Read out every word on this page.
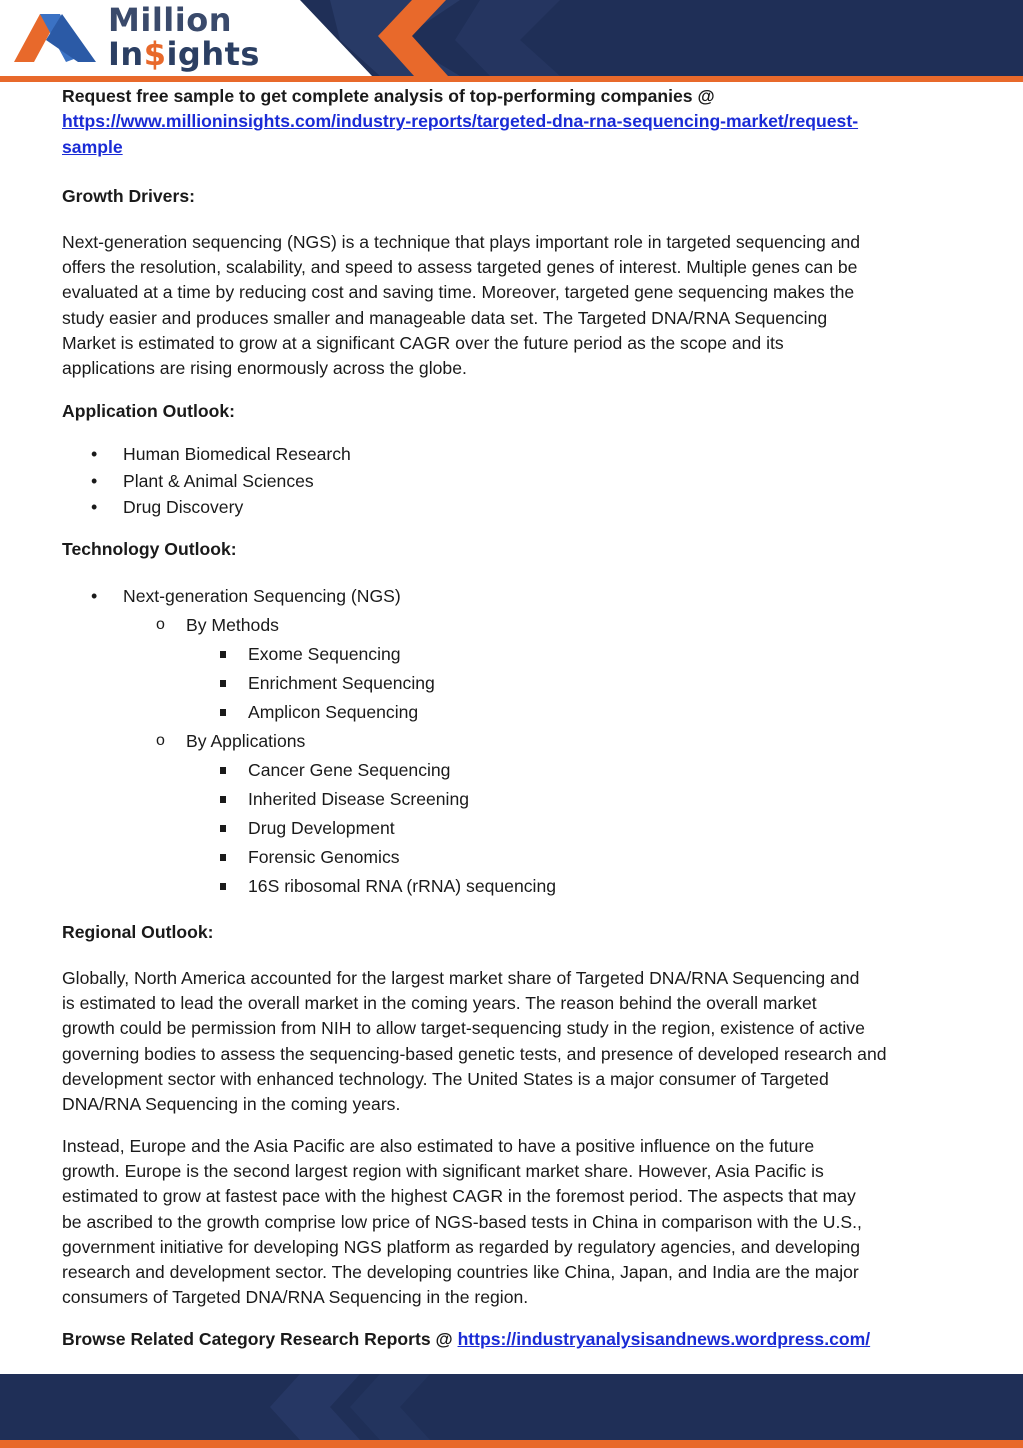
Million
In$ights

Request free sample to get complete analysis of top-performing companies @

https://www.millioninsights.com/industry-reports/targeted-dna-rna-sequencing-market/request-

sample

Growth Drivers:

Next-generation sequencing (NGS) is a technique that plays important role in targeted sequencing and

offers the resolution, scalability, and speed to assess targeted genes of interest. Multiple genes can be

evaluated at a time by reducing cost and saving time. Moreover, targeted gene sequencing makes the

study easier and produces smaller and manageable data set. The Targeted DNA/RNA Sequencing

Market is estimated to grow at a significant CAGR over the future period as the scope and its

applications are rising enormously across the globe.

Application Outlook:

• Human Biomedical Research
• Plant & Animal Sciences
• Drug Discovery

Technology Outlook:

• Next-generation Sequencing (NGS)
o By Methods
Exome Sequencing
Enrichment Sequencing
Amplicon Sequencing
o By Applications
Cancer Gene Sequencing
Inherited Disease Screening
Drug Development
Forensic Genomics
16S ribosomal RNA (rRNA) sequencing

Regional Outlook:

Globally, North America accounted for the largest market share of Targeted DNA/RNA Sequencing and

is estimated to lead the overall market in the coming years. The reason behind the overall market

growth could be permission from NIH to allow target-sequencing study in the region, existence of active

governing bodies to assess the sequencing-based genetic tests, and presence of developed research and

development sector with enhanced technology. The United States is a major consumer of Targeted

DNA/RNA Sequencing in the coming years.

Instead, Europe and the Asia Pacific are also estimated to have a positive influence on the future

growth. Europe is the second largest region with significant market share. However, Asia Pacific is

estimated to grow at fastest pace with the highest CAGR in the foremost period. The aspects that may

be ascribed to the growth comprise low price of NGS-based tests in China in comparison with the U.S.,

government initiative for developing NGS platform as regarded by regulatory agencies, and developing

research and development sector. The developing countries like China, Japan, and India are the major

consumers of Targeted DNA/RNA Sequencing in the region.

Browse Related Category Research Reports @ https://industryanalysisandnews.wordpress.com/
